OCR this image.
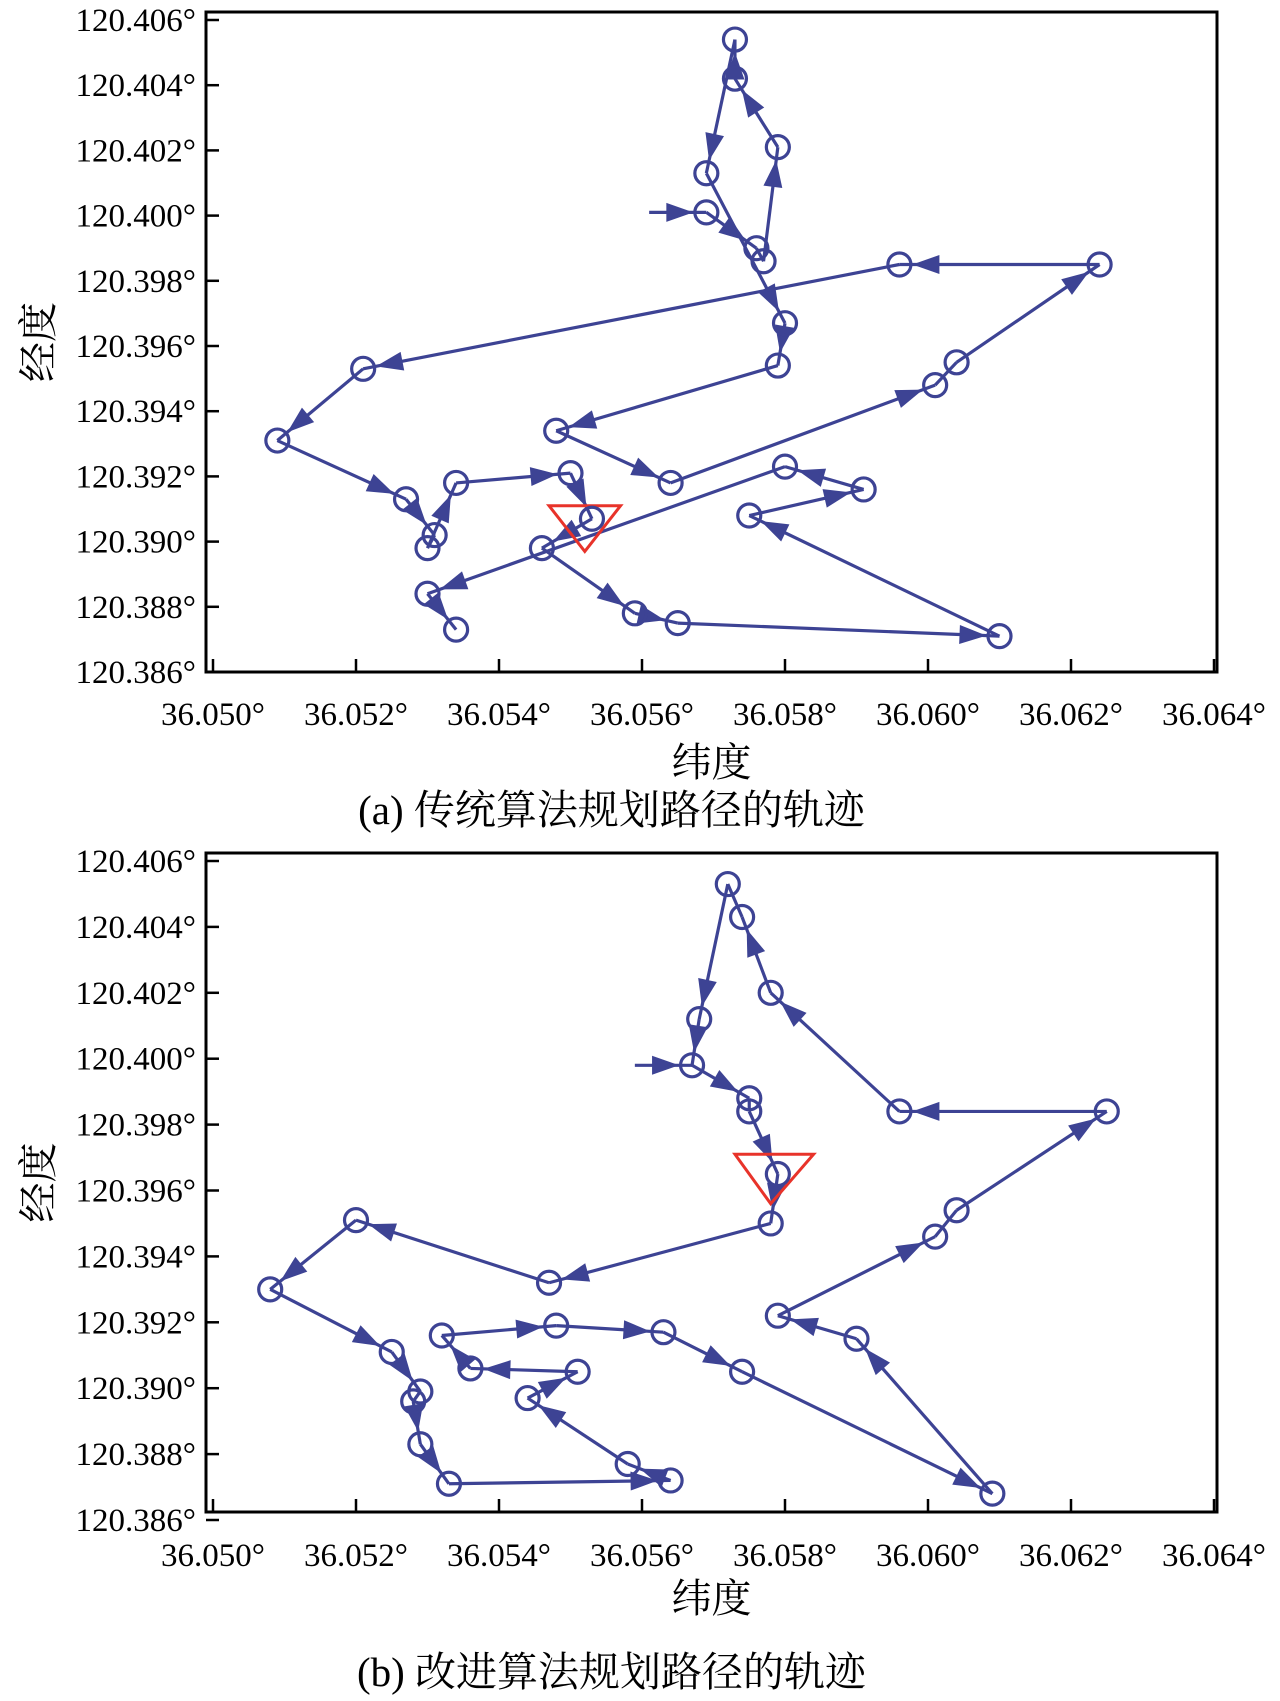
36.050° 36.052° 36.054° 36.056° 36.058° 36.060° 36.062° 36.064°
120.386°
120.388°
120.390°
120.392°
120.394°
120.396°
120.398°
120.400°
120.402°
120.404°
120.406°
纬度
经度
(a) 传统算法规划路径的轨迹
36.050° 36.052° 36.054° 36.056° 36.058° 36.060° 36.062° 36.064°
120.386°
120.388°
120.390°
120.392°
120.394°
120.396°
120.398°
120.400°
120.402°
120.404°
120.406°
纬度
经度
(b) 改进算法规划路径的轨迹
